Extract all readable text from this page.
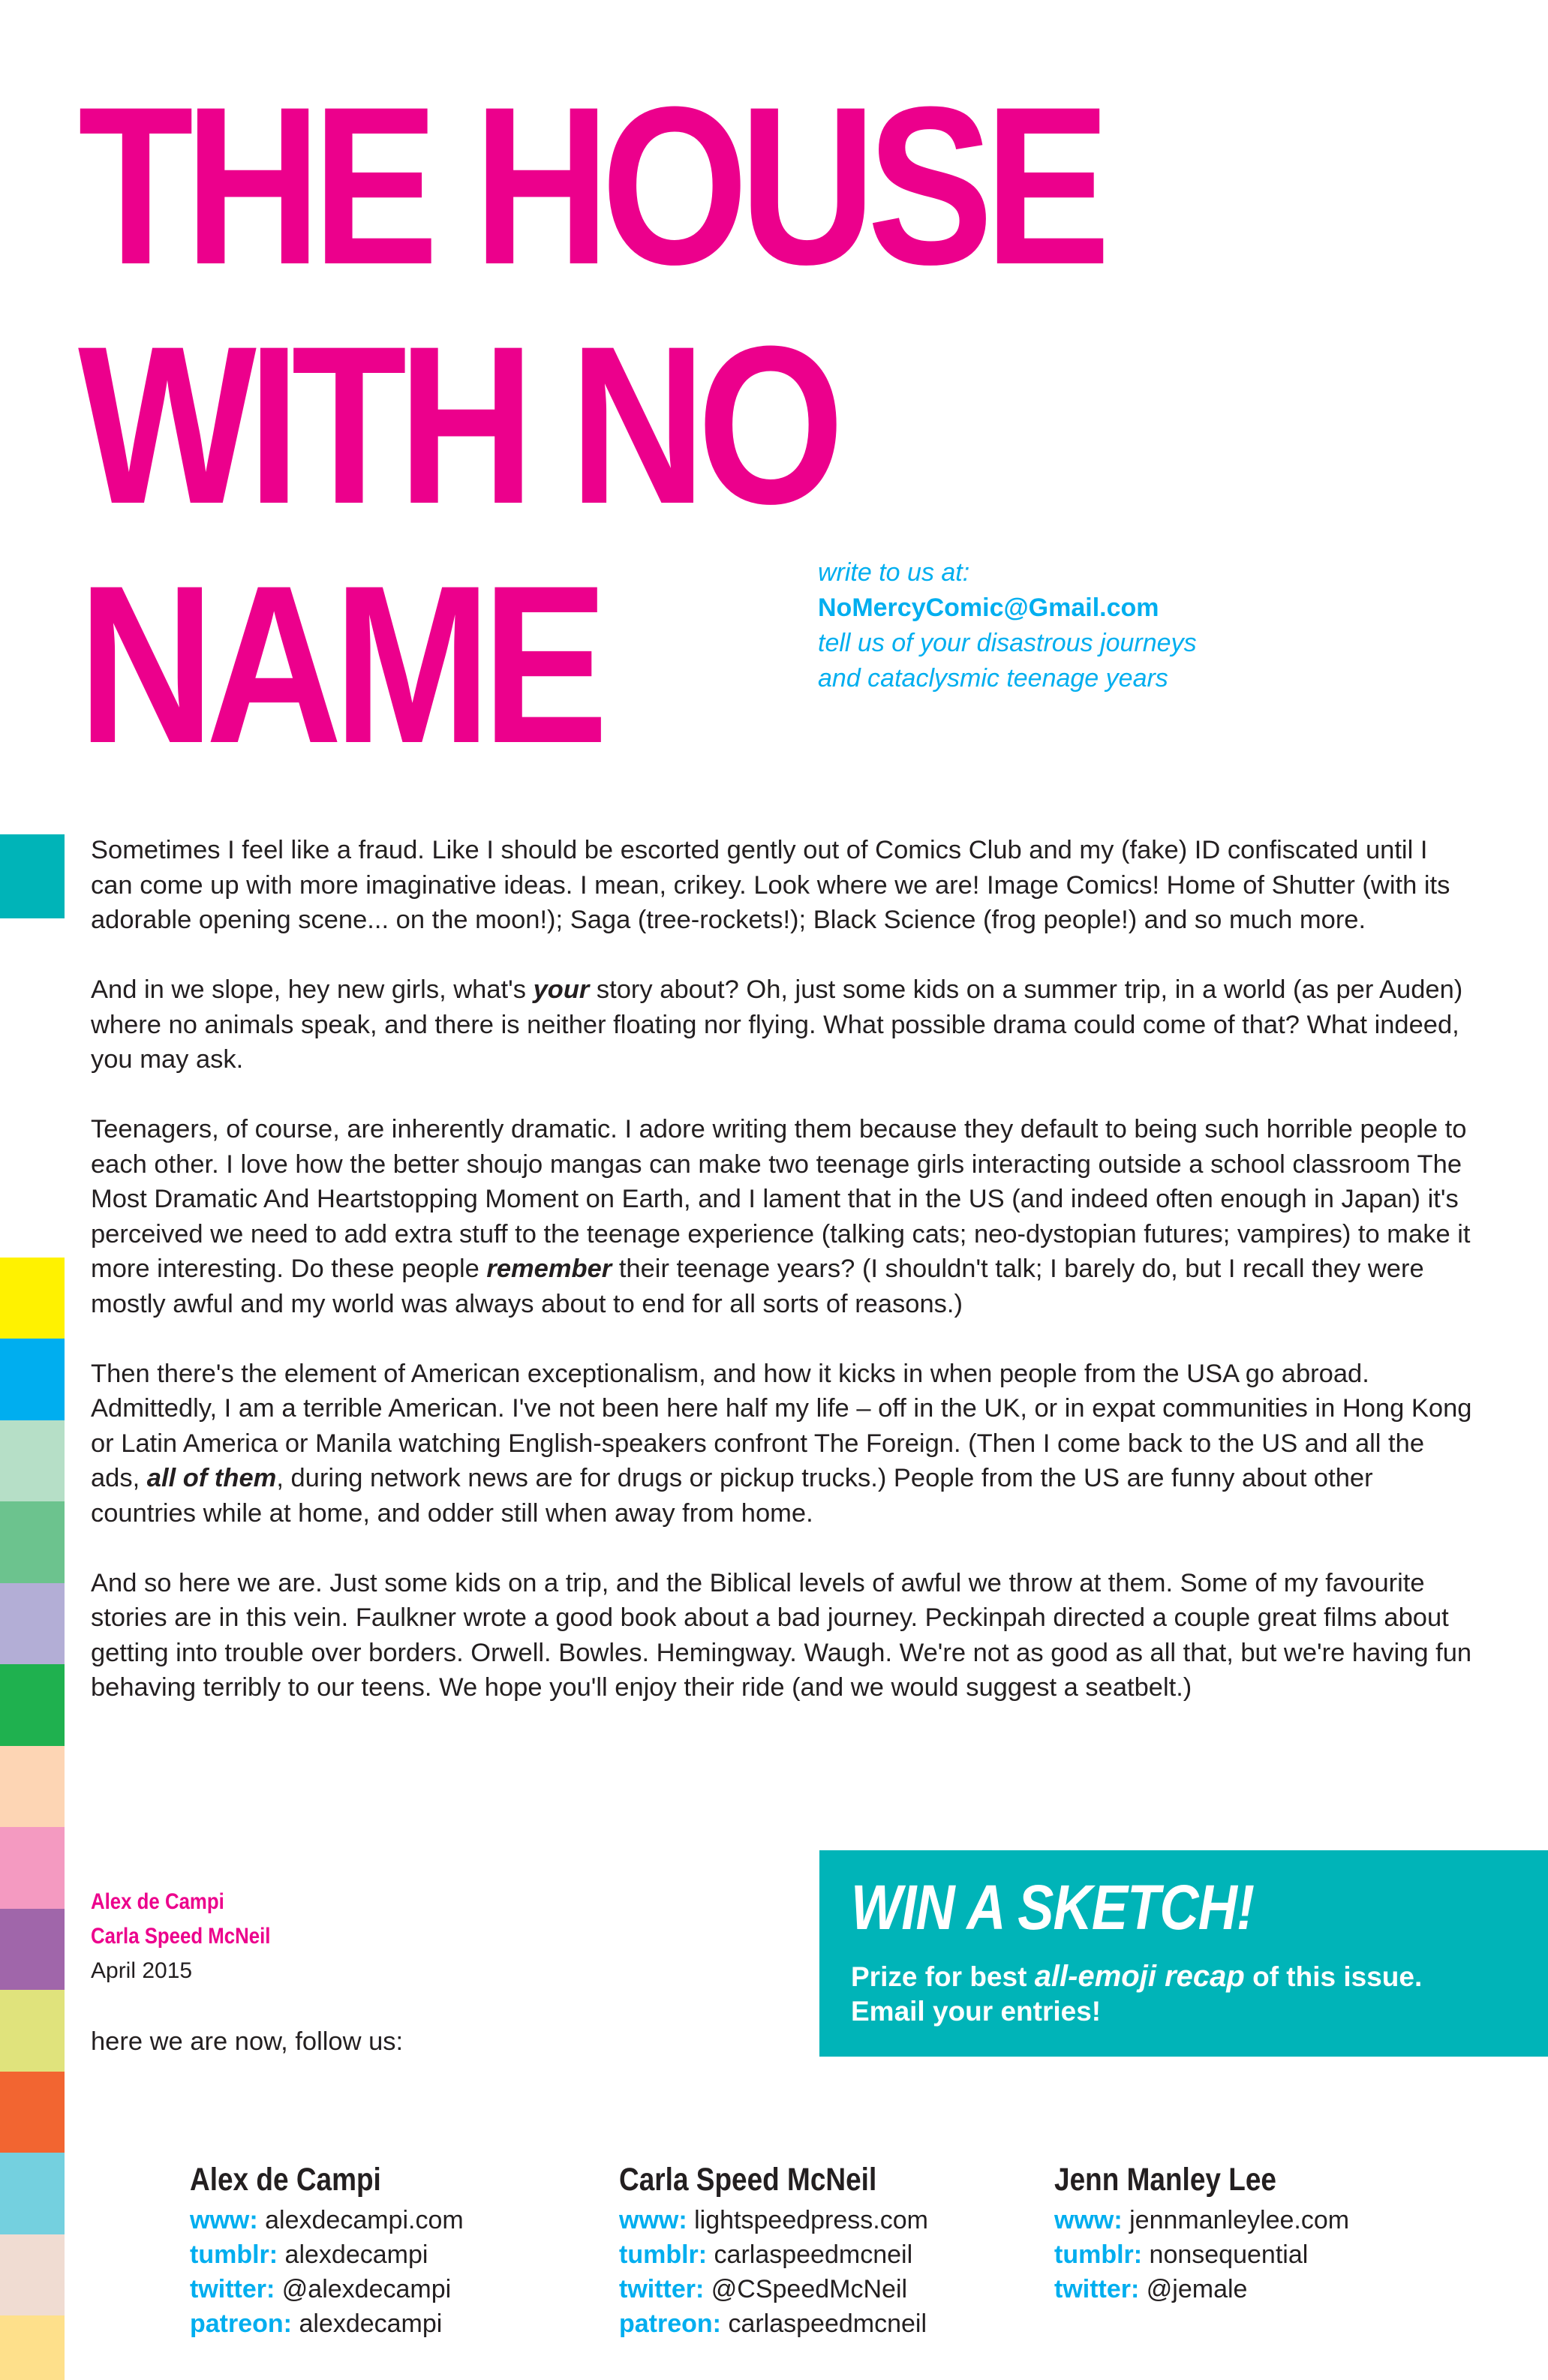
THE HOUSE
WITH NO
NAME	write to us at:
NoMercyComic@Gmail.com
tell us of your disastrous journeys
and cataclysmic teenage years

Sometimes I feel like a fraud. Like I should be escorted gently out of Comics Club and my (fake) ID confiscated until I can come up with more imaginative ideas. I mean, crikey. Look where we are! Image Comics! Home of Shutter (with its adorable opening scene... on the moon!); Saga (tree-rockets!); Black Science (frog people!) and so much more.

And in we slope, hey new girls, what's your story about? Oh, just some kids on a summer trip, in a world (as per Auden) where no animals speak, and there is neither floating nor flying. What possible drama could come of that? What indeed, you may ask.

Teenagers, of course, are inherently dramatic. I adore writing them because they default to being such horrible people to each other. I love how the better shoujo mangas can make two teenage girls interacting outside a school classroom The Most Dramatic And Heartstopping Moment on Earth, and I lament that in the US (and indeed often enough in Japan) it's perceived we need to add extra stuff to the teenage experience (talking cats; neo-dystopian futures; vampires) to make it more interesting. Do these people remember their teenage years? (I shouldn't talk; I barely do, but I recall they were mostly awful and my world was always about to end for all sorts of reasons.)

Then there's the element of American exceptionalism, and how it kicks in when people from the USA go abroad. Admittedly, I am a terrible American. I've not been here half my life – off in the UK, or in expat communities in Hong Kong or Latin America or Manila watching English-speakers confront The Foreign. (Then I come back to the US and all the ads, all of them, during network news are for drugs or pickup trucks.) People from the US are funny about other countries while at home, and odder still when away from home.

And so here we are. Just some kids on a trip, and the Biblical levels of awful we throw at them. Some of my favourite stories are in this vein. Faulkner wrote a good book about a bad journey. Peckinpah directed a couple great films about getting into trouble over borders. Orwell. Bowles. Hemingway. Waugh. We're not as good as all that, but we're having fun behaving terribly to our teens. We hope you'll enjoy their ride (and we would suggest a seatbelt.)

Alex de Campi
Carla Speed McNeil
April 2015
here we are now, follow us:
WIN A SKETCH!
Prize for best all-emoji recap of this issue.
Email your entries!
Alex de Campi
www: alexdecampi.com
tumblr: alexdecampi
twitter: @alexdecampi
patreon: alexdecampi
Carla Speed McNeil
www: lightspeedpress.com
tumblr: carlaspeedmcneil
twitter: @CSpeedMcNeil
patreon: carlaspeedmcneil
Jenn Manley Lee
www: jennmanleylee.com
tumblr: nonsequential
twitter: @jemale
